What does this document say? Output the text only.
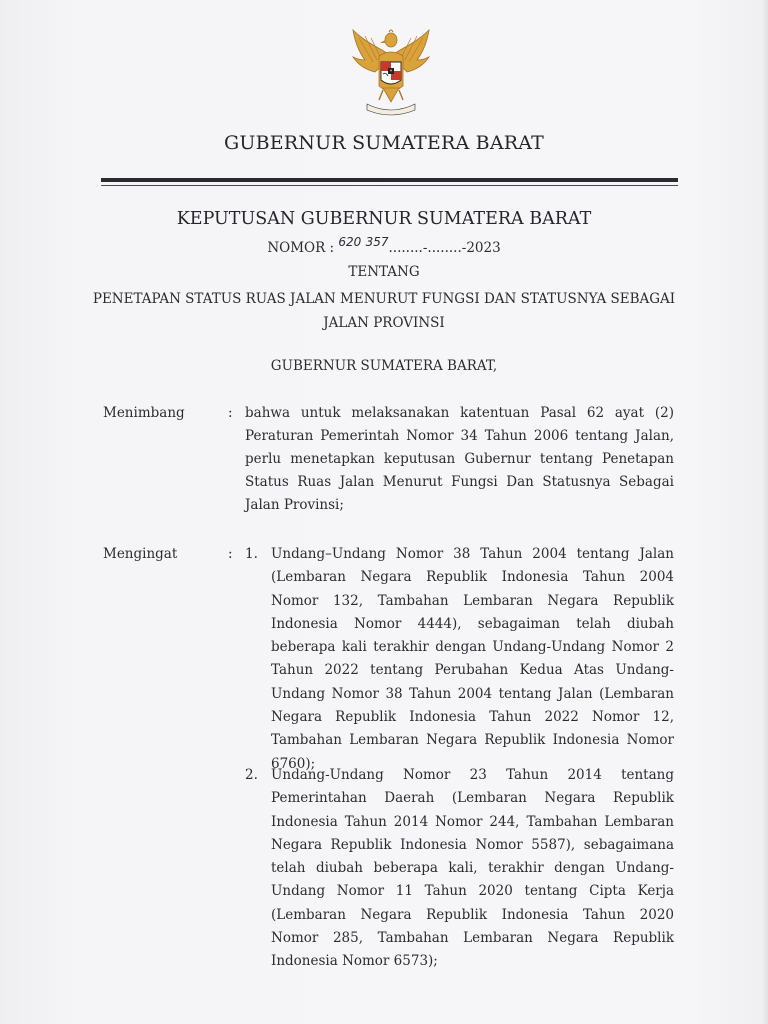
GUBERNUR SUMATERA BARAT
KEPUTUSAN GUBERNUR SUMATERA BARAT
NOMOR : 620 357........-........-2023
TENTANG
PENETAPAN STATUS RUAS JALAN MENURUT FUNGSI DAN STATUSNYA SEBAGAI
JALAN PROVINSI
GUBERNUR SUMATERA BARAT,
Menimbang	: bahwa untuk melaksanakan katentuan Pasal 62 ayat (2) Peraturan Pemerintah Nomor 34 Tahun 2006 tentang Jalan, perlu menetapkan keputusan Gubernur tentang Penetapan Status Ruas Jalan Menurut Fungsi Dan Statusnya Sebagai Jalan Provinsi;
Mengingat	: 1. Undang–Undang Nomor 38 Tahun 2004 tentang Jalan (Lembaran Negara Republik Indonesia Tahun 2004 Nomor 132, Tambahan Lembaran Negara Republik Indonesia Nomor 4444), sebagaiman telah diubah beberapa kali terakhir dengan Undang-Undang Nomor 2 Tahun 2022 tentang Perubahan Kedua Atas Undang-Undang Nomor 38 Tahun 2004 tentang Jalan (Lembaran Negara Republik Indonesia Tahun 2022 Nomor 12, Tambahan Lembaran Negara Republik Indonesia Nomor 6760);
2. Undang-Undang Nomor 23 Tahun 2014 tentang Pemerintahan Daerah (Lembaran Negara Republik Indonesia Tahun 2014 Nomor 244, Tambahan Lembaran Negara Republik Indonesia Nomor 5587), sebagaimana telah diubah beberapa kali, terakhir dengan Undang-Undang Nomor 11 Tahun 2020 tentang Cipta Kerja (Lembaran Negara Republik Indonesia Tahun 2020 Nomor 285, Tambahan Lembaran Negara Republik Indonesia Nomor 6573);
